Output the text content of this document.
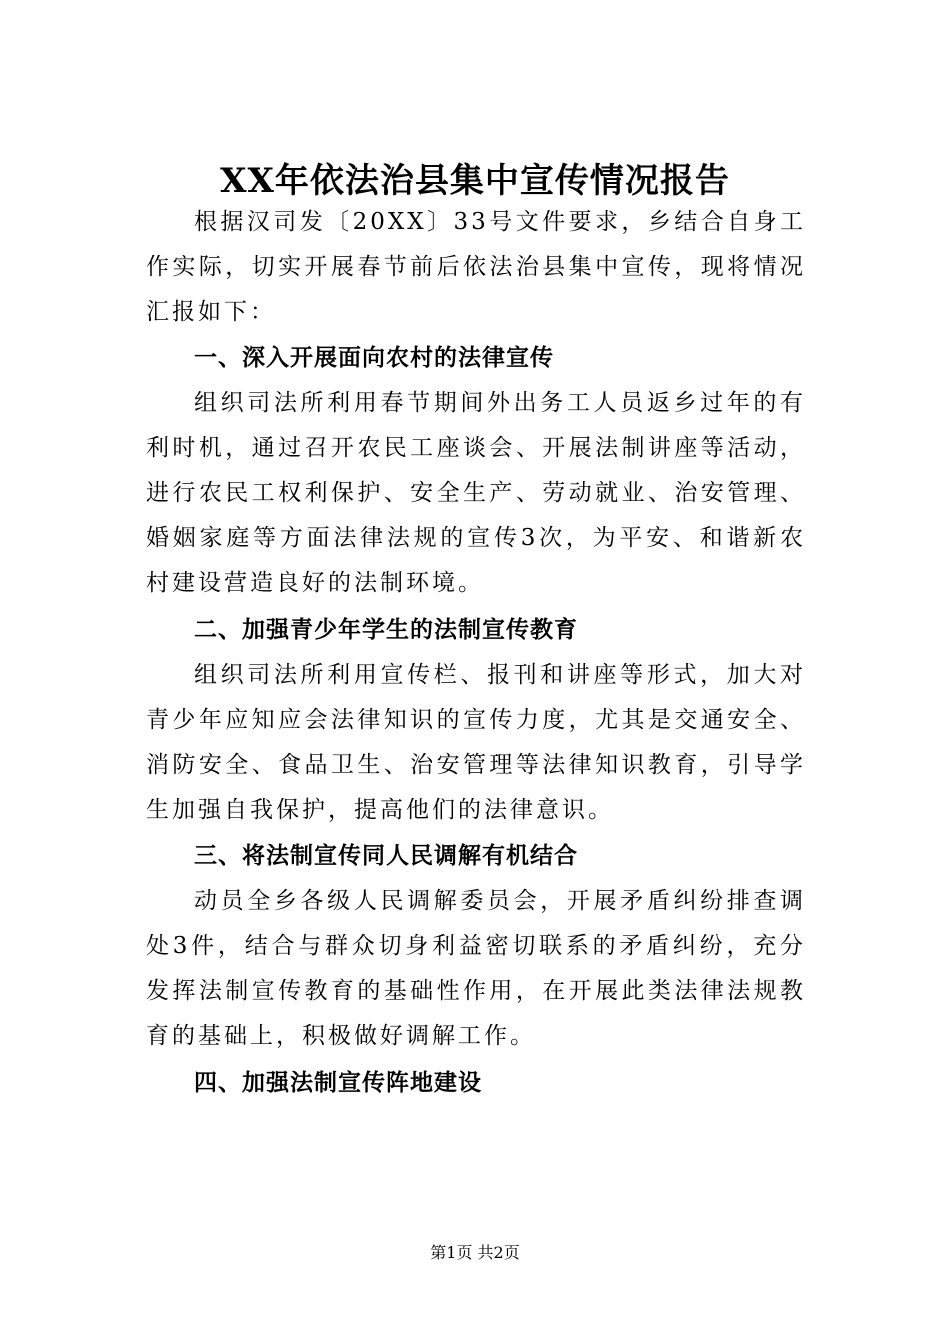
XX年依法治县集中宣传情况报告

根据汉司发〔20XX〕33号文件要求，乡结合自身工作实际，切实开展春节前后依法治县集中宣传，现将情况汇报如下：

一、深入开展面向农村的法律宣传

组织司法所利用春节期间外出务工人员返乡过年的有利时机，通过召开农民工座谈会、开展法制讲座等活动，进行农民工权利保护、安全生产、劳动就业、治安管理、婚姻家庭等方面法律法规的宣传3次，为平安、和谐新农村建设营造良好的法制环境。

二、加强青少年学生的法制宣传教育

组织司法所利用宣传栏、报刊和讲座等形式，加大对青少年应知应会法律知识的宣传力度，尤其是交通安全、消防安全、食品卫生、治安管理等法律知识教育，引导学生加强自我保护，提高他们的法律意识。

三、将法制宣传同人民调解有机结合

动员全乡各级人民调解委员会，开展矛盾纠纷排查调处3件，结合与群众切身利益密切联系的矛盾纠纷，充分发挥法制宣传教育的基础性作用，在开展此类法律法规教育的基础上，积极做好调解工作。

四、加强法制宣传阵地建设
第1页 共2页
